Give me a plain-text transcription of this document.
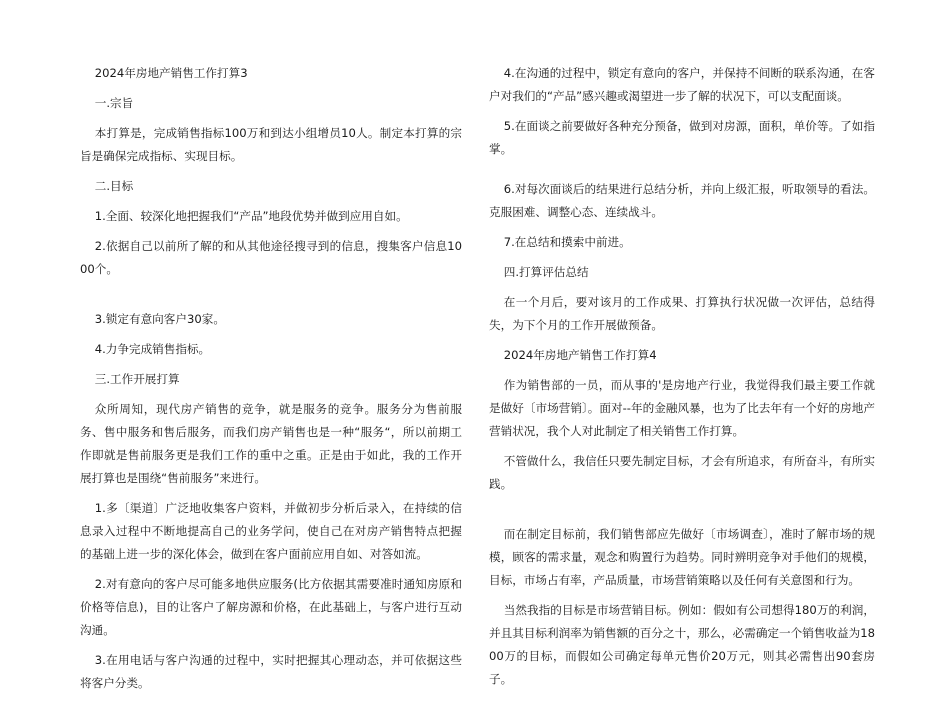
2024年房地产销售工作打算3

一.宗旨

本打算是，完成销售指标100万和到达小组增员10人。制定本打算的宗旨是确保完成指标、实现目标。

二.目标

1.全面、较深化地把握我们“产品”地段优势并做到应用自如。

2.依据自己以前所了解的和从其他途径搜寻到的信息，搜集客户信息1000个。

3.锁定有意向客户30家。

4.力争完成销售指标。

三.工作开展打算

众所周知，现代房产销售的竞争，就是服务的竞争。服务分为售前服务、售中服务和售后服务，而我们房产销售也是一种“服务“，所以前期工作即就是售前服务更是我们工作的重中之重。正是由于如此，我的工作开展打算也是围绕“售前服务”来进行。

1.多〔渠道〕广泛地收集客户资料，并做初步分析后录入，在持续的信息录入过程中不断地提高自己的业务学问，使自己在对房产销售特点把握的基础上进一步的深化体会，做到在客户面前应用自如、对答如流。

2.对有意向的客户尽可能多地供应服务(比方依据其需要准时通知房原和价格等信息)，目的让客户了解房源和价格，在此基础上，与客户进行互动沟通。

3.在用电话与客户沟通的过程中，实时把握其心理动态，并可依据这些将客户分类。

4.在沟通的过程中，锁定有意向的客户，并保持不间断的联系沟通，在客户对我们的“产品”感兴趣或渴望进一步了解的状况下，可以支配面谈。

5.在面谈之前要做好各种充分预备，做到对房源，面积，单价等。了如指掌。

6.对每次面谈后的结果进行总结分析，并向上级汇报，听取领导的看法。克服困难、调整心态、连续战斗。

7.在总结和摸索中前进。

四.打算评估总结

在一个月后，要对该月的工作成果、打算执行状况做一次评估，总结得失，为下个月的工作开展做预备。

2024年房地产销售工作打算4

作为销售部的一员，而从事的'是房地产行业，我觉得我们最主要工作就是做好〔市场营销〕。面对--年的金融风暴，也为了比去年有一个好的房地产营销状况，我个人对此制定了相关销售工作打算。

不管做什么，我信任只要先制定目标，才会有所追求，有所奋斗，有所实践。

而在制定目标前，我们销售部应先做好〔市场调查〕，准时了解市场的规模，顾客的需求量，观念和购置行为趋势。同时辨明竞争对手他们的规模，目标，市场占有率，产品质量，市场营销策略以及任何有关意图和行为。

当然我指的目标是市场营销目标。例如：假如有公司想得180万的利润，并且其目标利润率为销售额的百分之十，那么，必需确定一个销售收益为1800万的目标，而假如公司确定每单元售价20万元，则其必需售出90套房子。
